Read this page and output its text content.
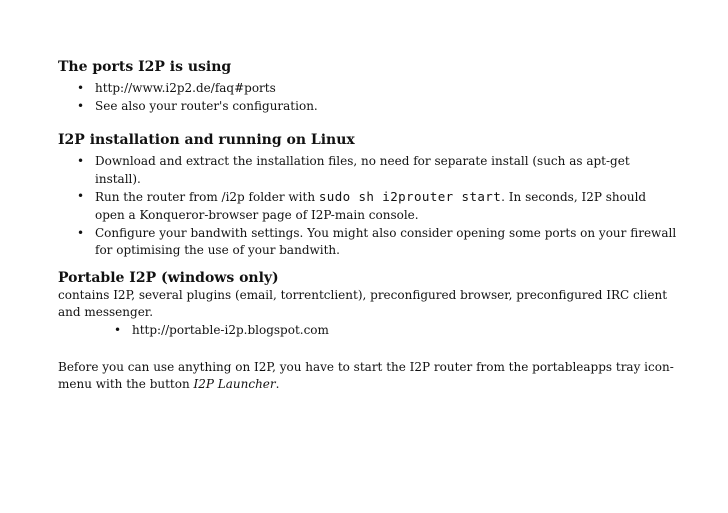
The ports I2P is using
• http://www.i2p2.de/faq#ports
• See also your router's configuration.
I2P installation and running on Linux
• Download and extract the installation files, no need for separate install (such as apt-get install).
• Run the router from /i2p folder with sudo sh i2prouter start. In seconds, I2P should open a Konqueror-browser page of I2P-main console.
• Configure your bandwith settings. You might also consider opening some ports on your firewall for optimising the use of your bandwith.
Portable I2P (windows only)

contains I2P, several plugins (email, torrentclient), preconfigured browser, preconfigured IRC client and messenger.

• http://portable-i2p.blogspot.com

Before you can use anything on I2P, you have to start the I2P router from the portableapps tray icon-menu with the button I2P Launcher.
